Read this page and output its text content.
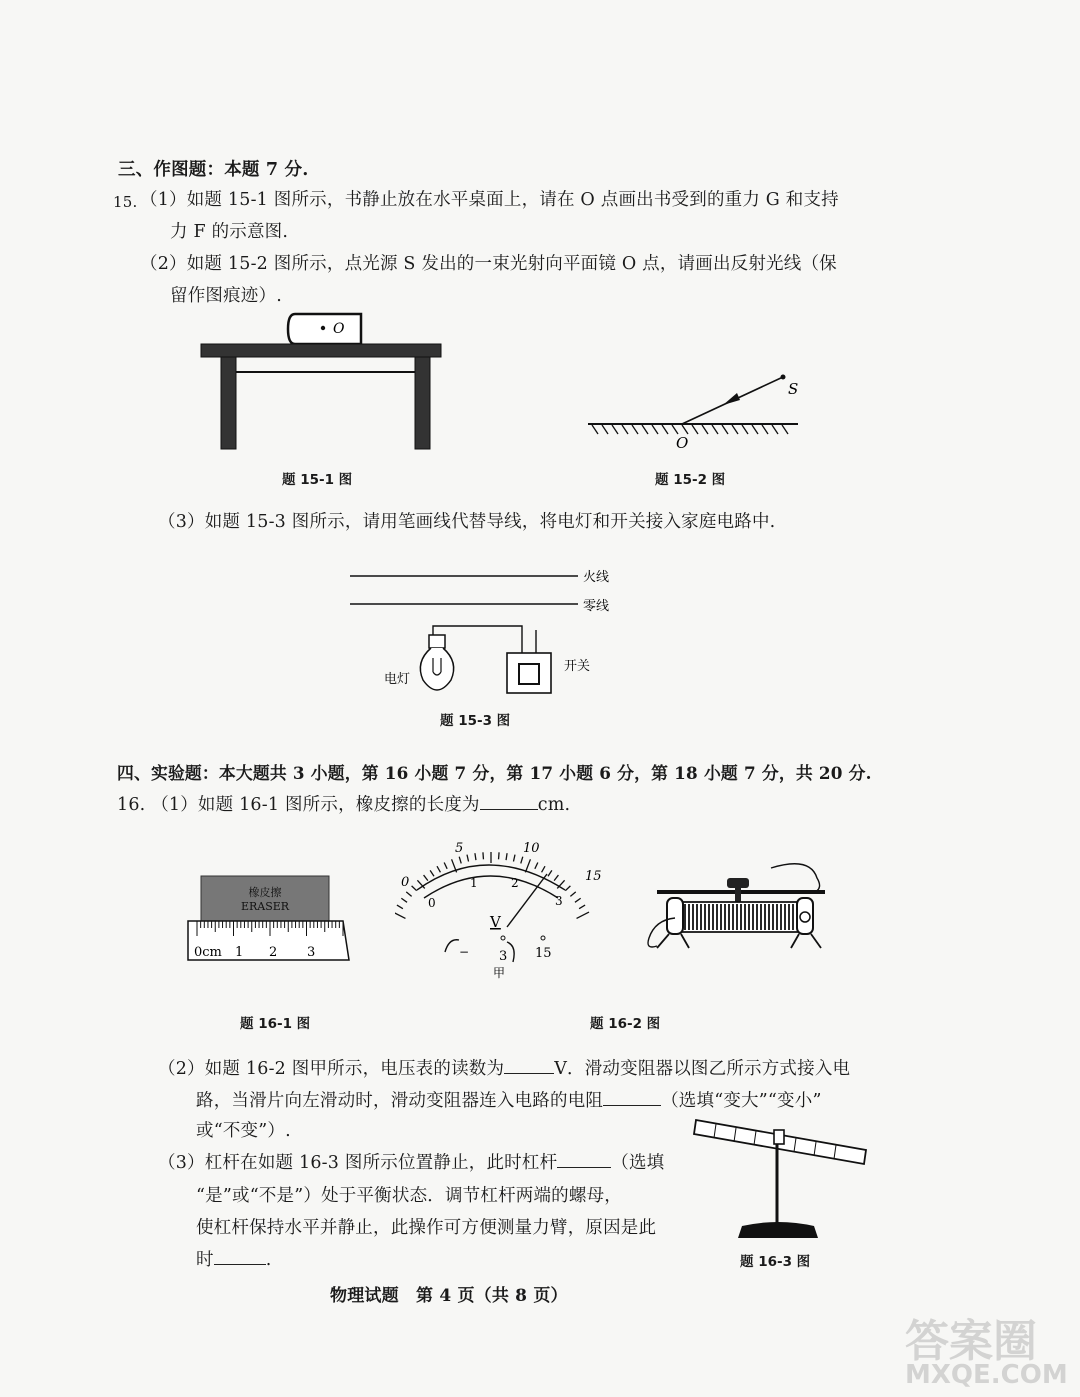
三、作图题：本题 7 分.
15. （1）如题 15-1 图所示，书静止放在水平桌面上，请在 O 点画出书受到的重力 G 和支持
力 F 的示意图.
（2）如题 15-2 图所示，点光源 S 发出的一束光射向平面镜 O 点，请画出反射光线（保
留作图痕迹）.
O
题 15-1 图
S
O
题 15-2 图
（3）如题 15-3 图所示，请用笔画线代替导线，将电灯和开关接入家庭电路中.
火线
零线
电灯
开关
题 15-3 图
四、实验题：本大题共 3 小题，第 16 小题 7 分，第 17 小题 6 分，第 18 小题 7 分，共 20 分.
16. （1）如题 16-1 图所示，橡皮擦的长度为	cm.
橡皮擦
ERASER
0cm 1 2 3
题 16-1 图
0
5	10
15
0
1	2
3
V
− 3 15
甲
题 16-2 图
（2）如题 16-2 图甲所示，电压表的读数为	V．滑动变阻器以图乙所示方式接入电
路，当滑片向左滑动时，滑动变阻器连入电路的电阻	（选填“变大”“变小”
或“不变”）.
（3）杠杆在如题 16-3 图所示位置静止，此时杠杆	（选填
“是”或“不是”）处于平衡状态．调节杠杆两端的螺母，
使杠杆保持水平并静止，此操作可方便测量力臂，原因是此
时	.	题 16-3 图
物理试题　第 4 页（共 8 页）
答案圈
MXQE.COM
